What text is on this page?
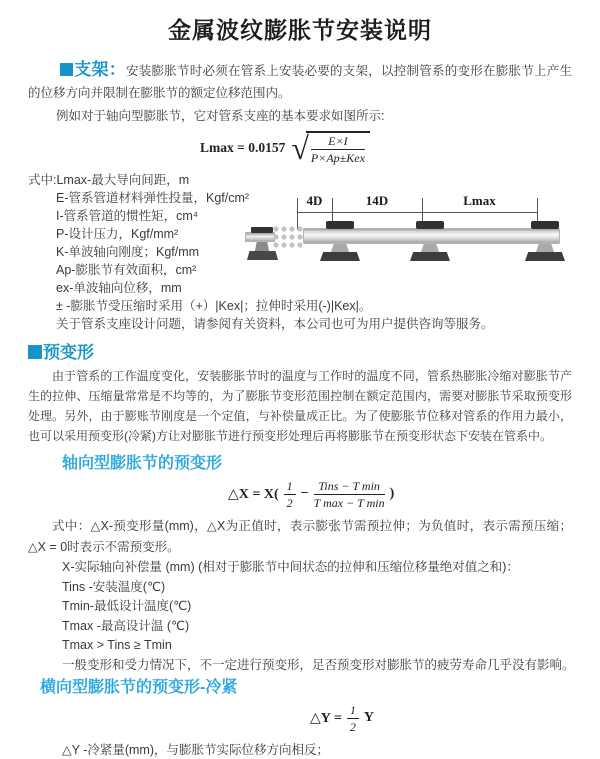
金属波纹膨胀节安装说明

支架：安装膨胀节时必须在管系上安装必要的支架，以控制管系的变形在膨胀节上产生的位移方向并限制在膨胀节的额定位移范围内。

例如对于轴向型膨胀节，它对管系支座的基本要求如图所示:

Lmax = 0.0157 √ $\frac{E\times I}{\text{P×Ap±Kex}}$
式中:Lmax-最大导向间距，m
E-管系管道材料弹性投量，Kgf/cm²
I-管系管道的惯性矩，cm⁴
P-设计压力，Kgf/mm²
K-单波轴向刚度；Kgf/mm
Ap-膨胀节有效面积，cm²
ex-单波轴向位移，mm
± -膨胀节受压缩时采用（+）|Kex|；拉伸时采用(-)|Kex|。
关于管系支座设计问题，请参阅有关资料，本公司也可为用户提供咨询等服务。
预变形

由于管系的工作温度变化，安装膨胀节时的温度与工作时的温度不同，管系热膨胀冷缩对膨胀节产生的拉伸、压缩量常常是不均等的，为了膨胀节变形范围控制在额定范围内，需要对膨胀节采取预变形处理。另外，由于膨账节刚度是一个定值，与补偿量成正比。为了使膨胀节位移对管系的作用力最小，也可以采用预变形(冷紧)方让对膨胀节进行预变形处理后再将膨胀节在预变形状态下安装在管系中。

轴向型膨胀节的预变形
△X = $X( \frac{1}{2} - \frac{\text{Tins − T min}}{\text{T max − T min}}$ )

式中：△X-预变形量(mm)，△X为正值时，表示膨张节需预拉伸；为负值时，表示需预压缩；△X = 0时表示不需预变形。

X-实际轴向补偿量 (mm) (相对于膨胀节中间状态的拉伸和压缩位移量绝对值之和)：
Tins -安装温度(℃)
Tmin-最低设计温度(℃)
Tmax -最高设计温 (℃)
Tmax > Tins ≥ Tmin
一般变形和受力情况下，不一定进行预变形，足否预变形对膨胀节的疲劳寿命几乎没有影响。
横向型膨胀节的预变形-冷紧
△Y = $\frac{1}{2}$ Y
△Y -冷紧量(mm)，与膨胀节实际位移方向相反；
4D	14D	Lmax
